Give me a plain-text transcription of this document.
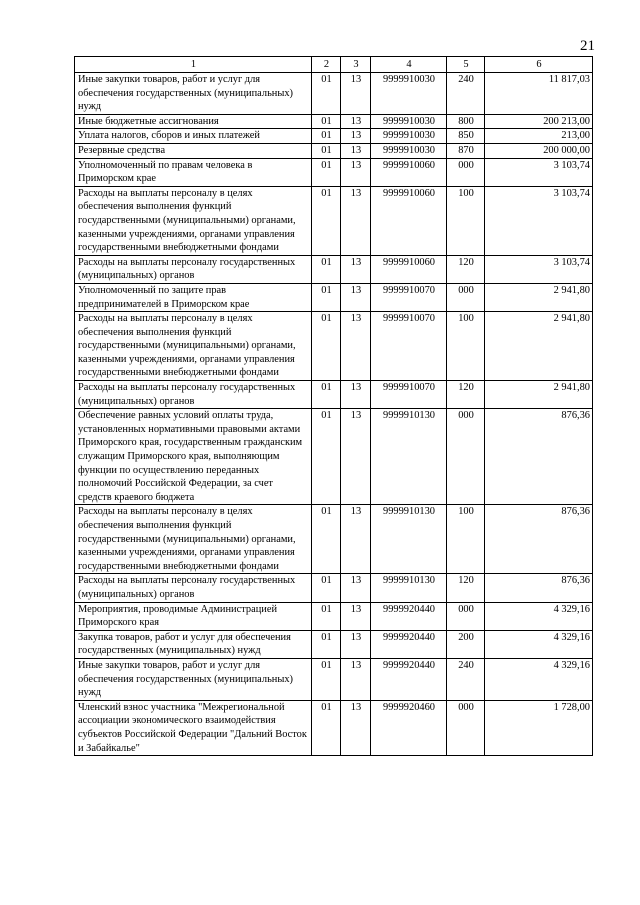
21
1	2	3	4	5	6
Иные закупки товаров, работ и услуг для обеспечения государственных (муниципальных) нужд	01	13	9999910030	240	11 817,03
Иные бюджетные ассигнования	01	13	9999910030	800	200 213,00
Уплата налогов, сборов и иных платежей	01	13	9999910030	850	213,00
Резервные средства	01	13	9999910030	870	200 000,00
Уполномоченный по правам человека в Приморском крае	01	13	9999910060	000	3 103,74
Расходы на выплаты персоналу в целях обеспечения выполнения функций государственными (муниципальными) органами, казенными учреждениями, органами управления государственными внебюджетными фондами	01	13	9999910060	100	3 103,74
Расходы на выплаты персоналу государственных (муниципальных) органов	01	13	9999910060	120	3 103,74
Уполномоченный по защите прав предпринимателей в Приморском крае	01	13	9999910070	000	2 941,80
Расходы на выплаты персоналу в целях обеспечения выполнения функций государственными (муниципальными) органами, казенными учреждениями, органами управления государственными внебюджетными фондами	01	13	9999910070	100	2 941,80
Расходы на выплаты персоналу государственных (муниципальных) органов	01	13	9999910070	120	2 941,80
Обеспечение равных условий оплаты труда, установленных нормативными правовыми актами Приморского края, государственным гражданским служащим Приморского края, выполняющим функции по осуществлению переданных полномочий Российской Федерации, за счет средств краевого бюджета	01	13	9999910130	000	876,36
Расходы на выплаты персоналу в целях обеспечения выполнения функций государственными (муниципальными) органами, казенными учреждениями, органами управления государственными внебюджетными фондами	01	13	9999910130	100	876,36
Расходы на выплаты персоналу государственных (муниципальных) органов	01	13	9999910130	120	876,36
Мероприятия, проводимые Администрацией Приморского края	01	13	9999920440	000	4 329,16
Закупка товаров, работ и услуг для обеспечения государственных (муниципальных) нужд	01	13	9999920440	200	4 329,16
Иные закупки товаров, работ и услуг для обеспечения государственных (муниципальных) нужд	01	13	9999920440	240	4 329,16
Членский взнос участника "Межрегиональной ассоциации экономического взаимодействия субъектов Российской Федерации "Дальний Восток и Забайкалье"	01	13	9999920460	000	1 728,00
